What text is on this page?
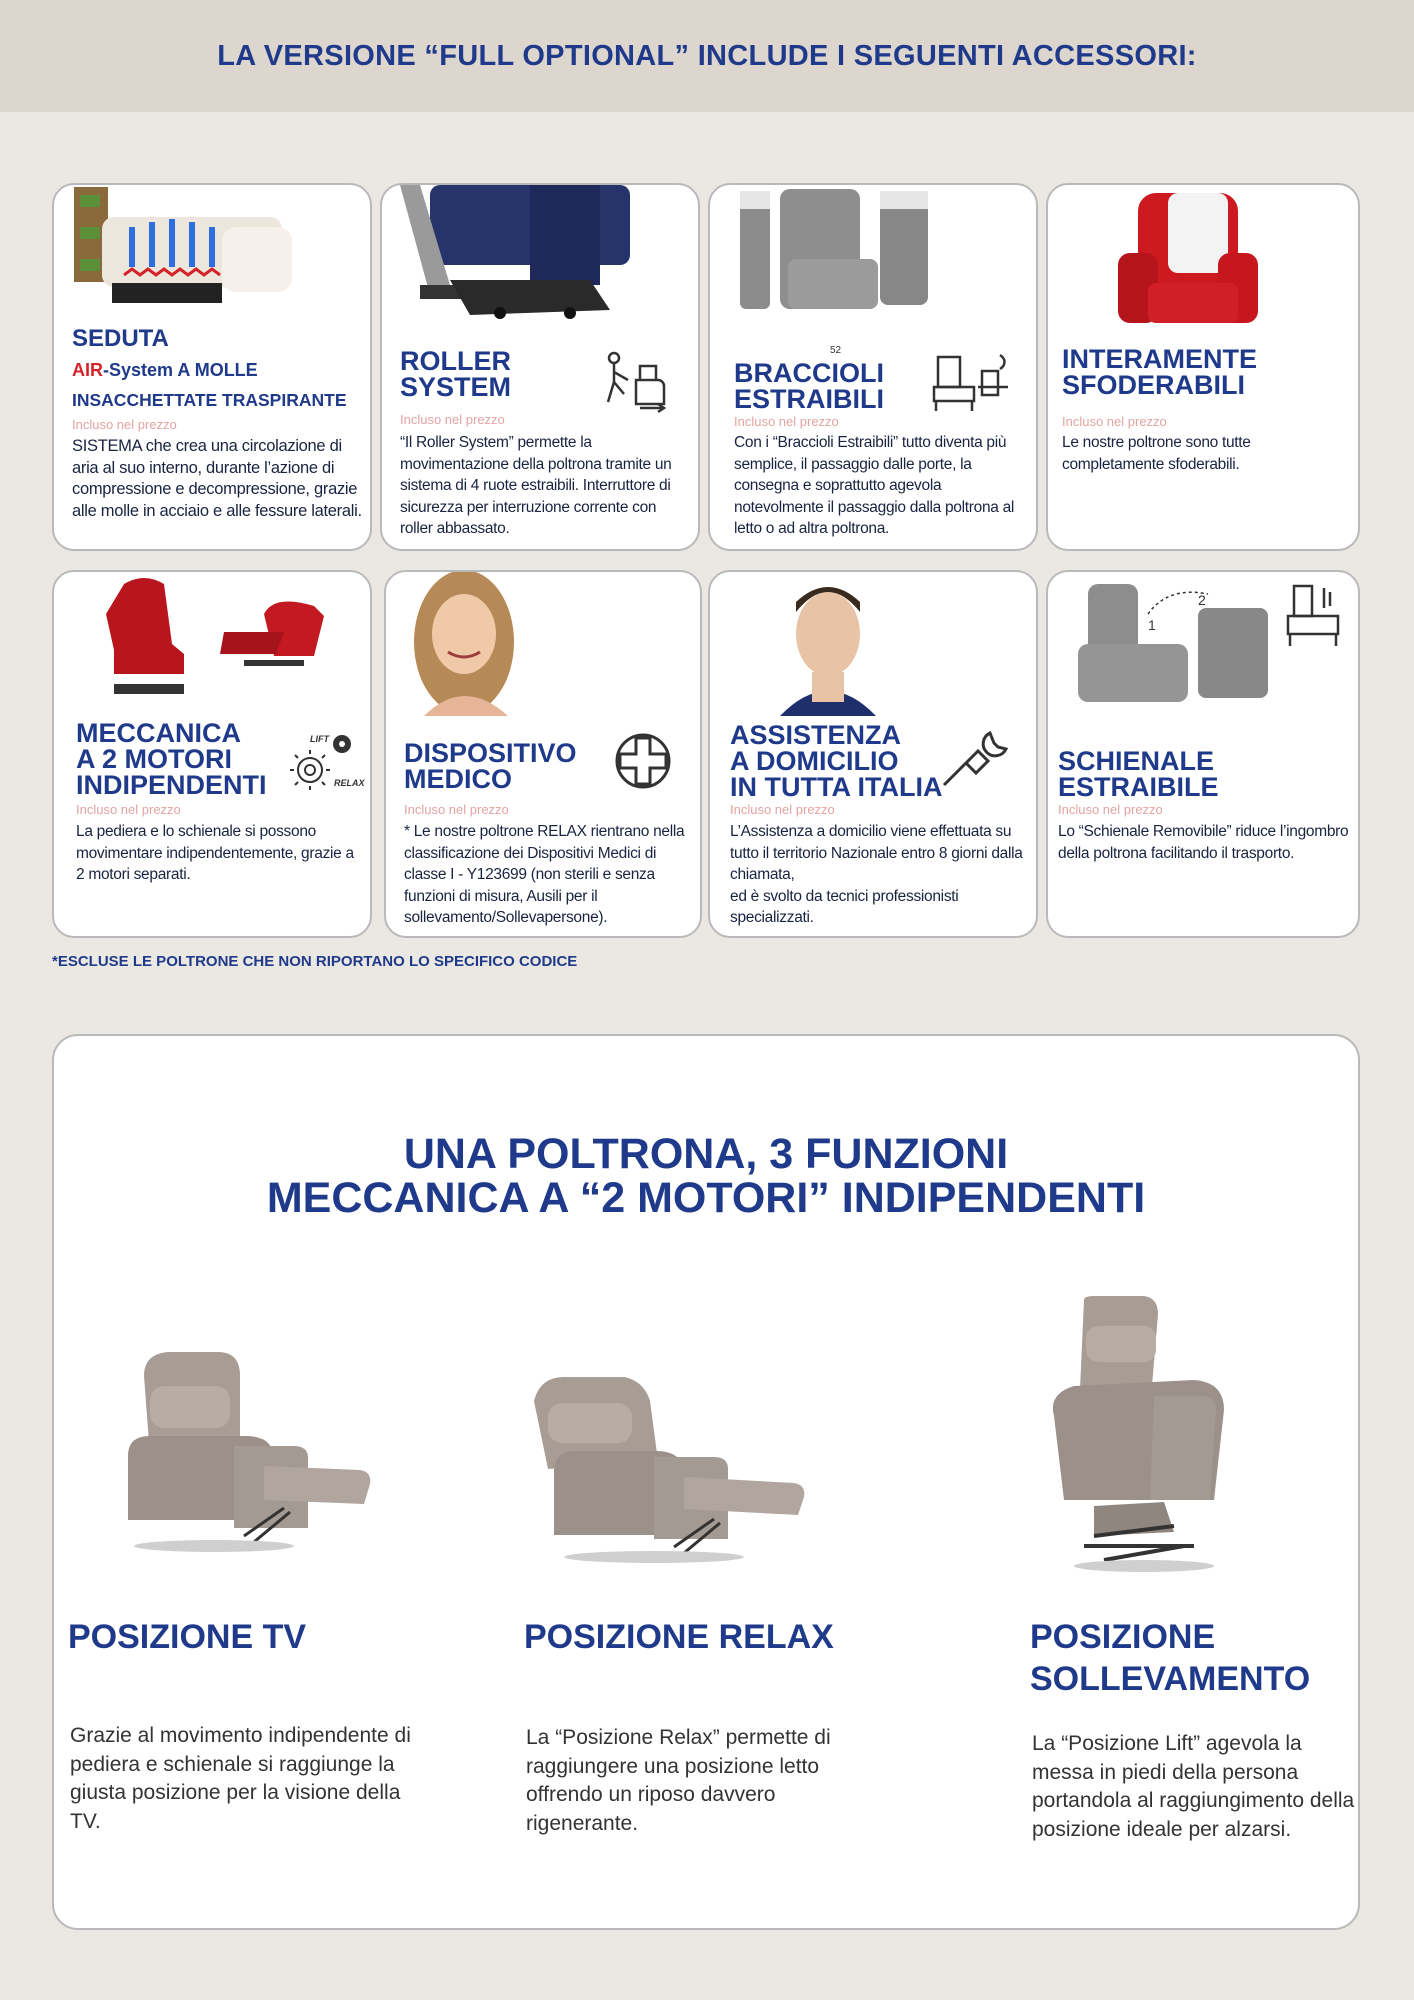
LA VERSIONE “FULL OPTIONAL” INCLUDE I SEGUENTI ACCESSORI:
SEDUTA
AIR-System A MOLLE
INSACCHETTATE TRASPIRANTE
Incluso nel prezzo
SISTEMA che crea una circolazione di aria al suo interno, durante l’azione di compressione e decompressione, grazie alle molle in acciaio e alle fessure laterali.
ROLLER
SYSTEM
Incluso nel prezzo
“Il Roller System” permette la movimentazione della poltrona tramite un sistema di 4 ruote estraibili. Interruttore di sicurezza per interruzione corrente con roller abbassato.
52
BRACCIOLI
ESTRAIBILI
Incluso nel prezzo
Con i “Braccioli Estraibili” tutto diventa più semplice, il passaggio dalle porte, la consegna e soprattutto agevola notevolmente il passaggio dalla poltrona al letto o ad altra poltrona.
INTERAMENTE
SFODERABILI
Incluso nel prezzo
Le nostre poltrone sono tutte completamente sfoderabili.
LIFT
RELAX
MECCANICA
A 2 MOTORI
INDIPENDENTI
Incluso nel prezzo
La pediera e lo schienale si possono movimentare indipendentemente, grazie a 2 motori separati.
DISPOSITIVO
MEDICO
Incluso nel prezzo
* Le nostre poltrone RELAX rientrano nella classificazione dei Dispositivi Medici di classe I - Y123699 (non sterili e senza funzioni di misura, Ausili per il sollevamento/Sollevapersone).
ASSISTENZA
A DOMICILIO
IN TUTTA ITALIA
Incluso nel prezzo
L’Assistenza a domicilio viene effettuata su tutto il territorio Nazionale entro 8 giorni dalla chiamata,
ed è svolto da tecnici professionisti specializzati.
1
2
SCHIENALE
ESTRAIBILE
Incluso nel prezzo
Lo “Schienale Removibile” riduce l’ingombro della poltrona facilitando il trasporto.
*ESCLUSE LE POLTRONE CHE NON RIPORTANO LO SPECIFICO CODICE
UNA POLTRONA, 3 FUNZIONI
MECCANICA A “2 MOTORI” INDIPENDENTI
POSIZIONE TV
Grazie al movimento indipendente di pediera e schienale si raggiunge la giusta posizione per la visione della TV.
POSIZIONE RELAX
La “Posizione Relax” permette di raggiungere una posizione letto offrendo un riposo davvero rigenerante.
POSIZIONE
SOLLEVAMENTO
La “Posizione Lift” agevola la messa in piedi della persona portandola al raggiungimento della posizione ideale per alzarsi.
